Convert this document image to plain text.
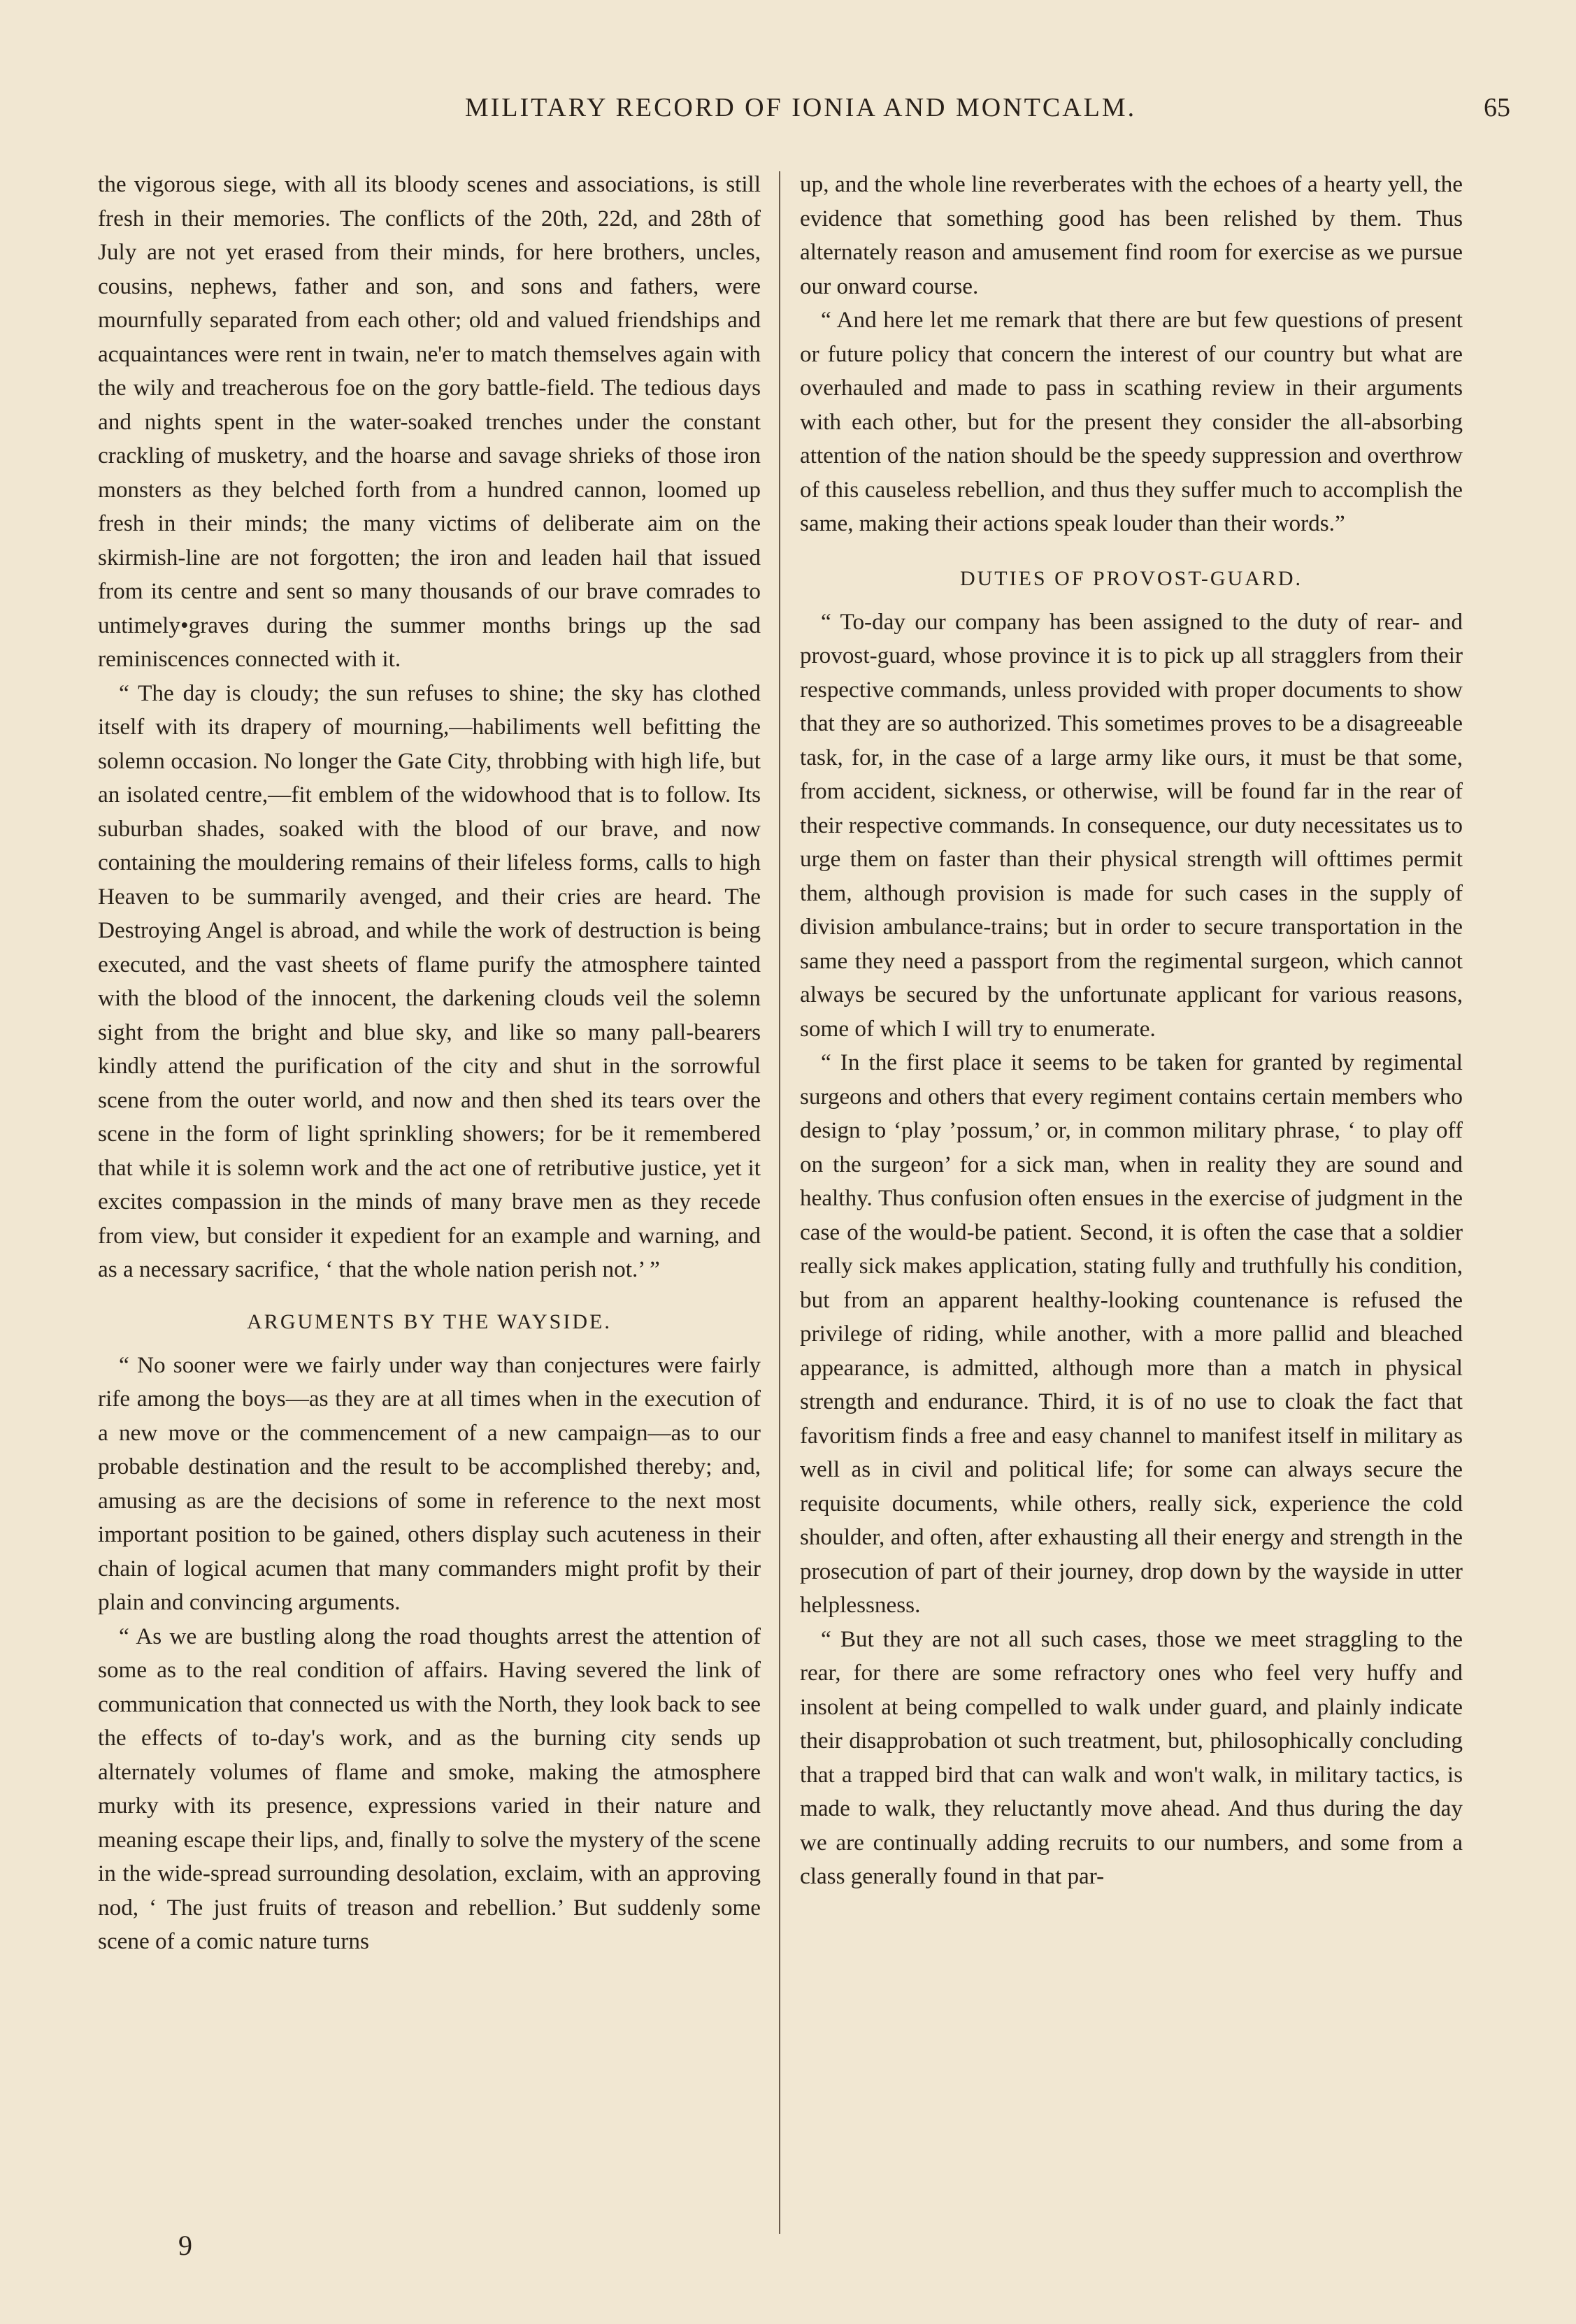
MILITARY RECORD OF IONIA AND MONTCALM.	65

the vigorous siege, with all its bloody scenes and associations, is still fresh in their memories. The conflicts of the 20th, 22d, and 28th of July are not yet erased from their minds, for here brothers, uncles, cousins, nephews, father and son, and sons and fathers, were mournfully separated from each other; old and valued friendships and acquaintances were rent in twain, ne'er to match themselves again with the wily and treacherous foe on the gory battle-field. The tedious days and nights spent in the water-soaked trenches under the constant crackling of musketry, and the hoarse and savage shrieks of those iron monsters as they belched forth from a hundred cannon, loomed up fresh in their minds; the many victims of deliberate aim on the skirmish-line are not forgotten; the iron and leaden hail that issued from its centre and sent so many thousands of our brave comrades to untimely•graves during the summer months brings up the sad reminiscences connected with it.

“ The day is cloudy; the sun refuses to shine; the sky has clothed itself with its drapery of mourning,—habiliments well befitting the solemn occasion. No longer the Gate City, throbbing with high life, but an isolated centre,—fit emblem of the widowhood that is to follow. Its suburban shades, soaked with the blood of our brave, and now containing the mouldering remains of their lifeless forms, calls to high Heaven to be summarily avenged, and their cries are heard. The Destroying Angel is abroad, and while the work of destruction is being executed, and the vast sheets of flame purify the atmosphere tainted with the blood of the innocent, the darkening clouds veil the solemn sight from the bright and blue sky, and like so many pall-bearers kindly attend the purification of the city and shut in the sorrowful scene from the outer world, and now and then shed its tears over the scene in the form of light sprinkling showers; for be it remembered that while it is solemn work and the act one of retributive justice, yet it excites compassion in the minds of many brave men as they recede from view, but consider it expedient for an example and warning, and as a necessary sacrifice, ‘ that the whole nation perish not.’ ”

ARGUMENTS BY THE WAYSIDE.

“ No sooner were we fairly under way than conjectures were fairly rife among the boys—as they are at all times when in the execution of a new move or the commencement of a new campaign—as to our probable destination and the result to be accomplished thereby; and, amusing as are the decisions of some in reference to the next most important position to be gained, others display such acuteness in their chain of logical acumen that many commanders might profit by their plain and convincing arguments.

“ As we are bustling along the road thoughts arrest the attention of some as to the real condition of affairs. Having severed the link of communication that connected us with the North, they look back to see the effects of to-day's work, and as the burning city sends up alternately volumes of flame and smoke, making the atmosphere murky with its presence, expressions varied in their nature and meaning escape their lips, and, finally to solve the mystery of the scene in the wide-spread surrounding desolation, exclaim, with an approving nod, ‘ The just fruits of treason and rebellion.’ But suddenly some scene of a comic nature turns

up, and the whole line reverberates with the echoes of a hearty yell, the evidence that something good has been relished by them. Thus alternately reason and amusement find room for exercise as we pursue our onward course.

“ And here let me remark that there are but few questions of present or future policy that concern the interest of our country but what are overhauled and made to pass in scathing review in their arguments with each other, but for the present they consider the all-absorbing attention of the nation should be the speedy suppression and overthrow of this causeless rebellion, and thus they suffer much to accomplish the same, making their actions speak louder than their words.”

DUTIES OF PROVOST-GUARD.

“ To-day our company has been assigned to the duty of rear- and provost-guard, whose province it is to pick up all stragglers from their respective commands, unless provided with proper documents to show that they are so authorized. This sometimes proves to be a disagreeable task, for, in the case of a large army like ours, it must be that some, from accident, sickness, or otherwise, will be found far in the rear of their respective commands. In consequence, our duty necessitates us to urge them on faster than their physical strength will ofttimes permit them, although provision is made for such cases in the supply of division ambulance-trains; but in order to secure transportation in the same they need a passport from the regimental surgeon, which cannot always be secured by the unfortunate applicant for various reasons, some of which I will try to enumerate.

“ In the first place it seems to be taken for granted by regimental surgeons and others that every regiment contains certain members who design to ‘play ’possum,’ or, in common military phrase, ‘ to play off on the surgeon’ for a sick man, when in reality they are sound and healthy. Thus confusion often ensues in the exercise of judgment in the case of the would-be patient. Second, it is often the case that a soldier really sick makes application, stating fully and truthfully his condition, but from an apparent healthy-looking countenance is refused the privilege of riding, while another, with a more pallid and bleached appearance, is admitted, although more than a match in physical strength and endurance. Third, it is of no use to cloak the fact that favoritism finds a free and easy channel to manifest itself in military as well as in civil and political life; for some can always secure the requisite documents, while others, really sick, experience the cold shoulder, and often, after exhausting all their energy and strength in the prosecution of part of their journey, drop down by the wayside in utter helplessness.

“ But they are not all such cases, those we meet straggling to the rear, for there are some refractory ones who feel very huffy and insolent at being compelled to walk under guard, and plainly indicate their disapprobation ot such treatment, but, philosophically concluding that a trapped bird that can walk and won't walk, in military tactics, is made to walk, they reluctantly move ahead. And thus during the day we are continually adding recruits to our numbers, and some from a class generally found in that par-

9
